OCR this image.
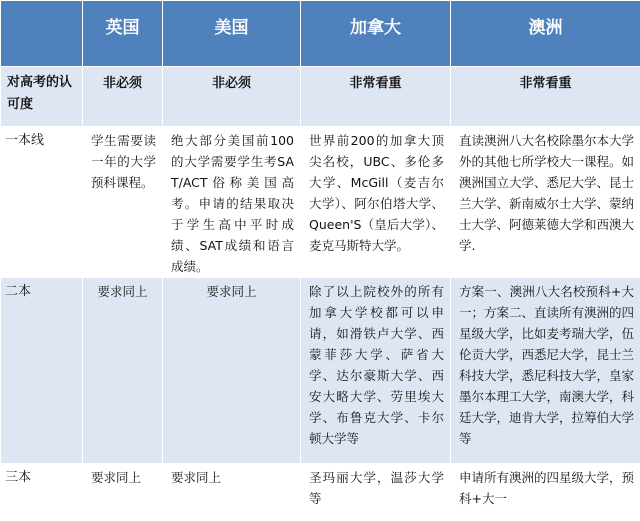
	英国	美国	加拿大	澳洲
对高考的认可度	非必须	非必须	非常看重	非常看重

一本线	学生需要读一年的大学预科课程。	绝大部分美国前100的大学需要学生考SAT/ACT俗称美国高考。申请的结果取决于学生高中平时成绩、SAT成绩和语言成绩。	世界前200的加拿大顶尖名校，UBC、多伦多大学、McGill（麦吉尔大学）、阿尔伯塔大学、Queen'S（皇后大学）、麦克马斯特大学。	直读澳洲八大名校除墨尔本大学外的其他七所学校大一课程。如澳洲国立大学、悉尼大学、昆士兰大学、新南威尔士大学、蒙纳士大学、阿德莱德大学和西澳大学.

二本	要求同上	要求同上	除了以上院校外的所有加拿大学校都可以申请，如滑铁卢大学、西蒙菲莎大学、萨省大学、达尔豪斯大学、西安大略大学、劳里埃大学、布鲁克大学、卡尔顿大学等	方案一、澳洲八大名校预科+大一；方案二、直读所有澳洲的四星级大学，比如麦考瑞大学，伍伦贡大学，西悉尼大学，昆士兰科技大学，悉尼科技大学，皇家墨尔本理工大学，南澳大学，科廷大学，迪肯大学，拉筹伯大学等

三本	要求同上	要求同上	圣玛丽大学，温莎大学等	申请所有澳洲的四星级大学，预科+大一
